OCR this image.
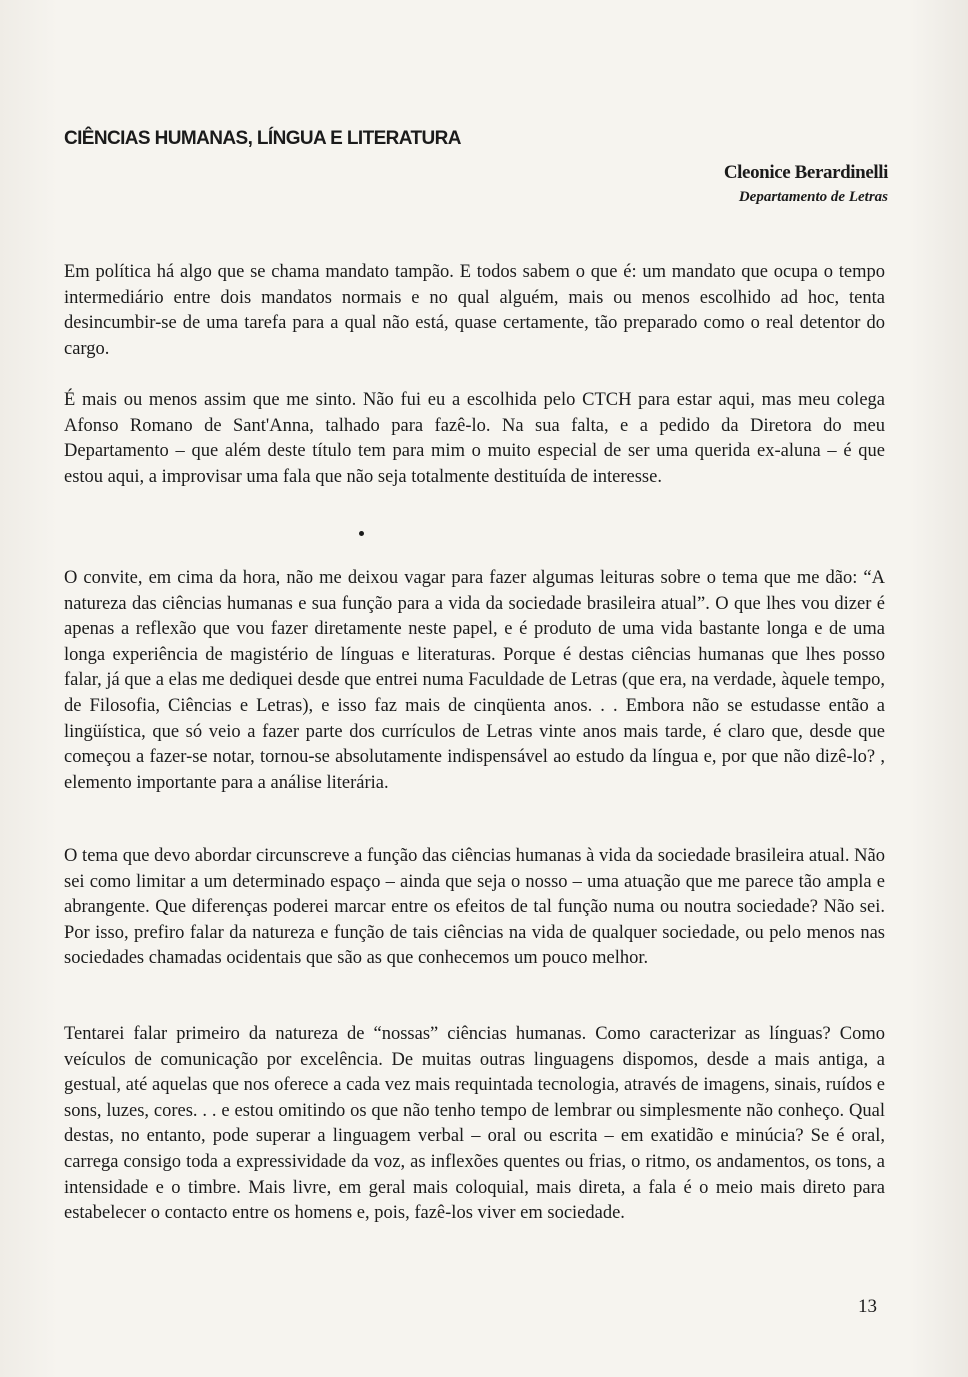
CIÊNCIAS HUMANAS, LÍNGUA E LITERATURA
Cleonice Berardinelli
Departamento de Letras

Em política há algo que se chama mandato tampão. E todos sabem o que é: um mandato que ocupa o tempo intermediário entre dois mandatos normais e no qual alguém, mais ou menos escolhido ad hoc, tenta desincumbir-se de uma tarefa para a qual não está, quase certamente, tão preparado como o real detentor do cargo.

É mais ou menos assim que me sinto. Não fui eu a escolhida pelo CTCH para estar aqui, mas meu colega Afonso Romano de Sant'Anna, talhado para fazê-lo. Na sua falta, e a pedido da Diretora do meu Departamento – que além deste título tem para mim o muito especial de ser uma querida ex-aluna – é que estou aqui, a improvisar uma fala que não seja totalmente destituída de interesse.

O convite, em cima da hora, não me deixou vagar para fazer algumas leituras sobre o tema que me dão: “A natureza das ciências humanas e sua função para a vida da sociedade brasileira atual”. O que lhes vou dizer é apenas a reflexão que vou fazer diretamente neste papel, e é produto de uma vida bastante longa e de uma longa experiência de magistério de línguas e literaturas. Porque é destas ciências humanas que lhes posso falar, já que a elas me dediquei desde que entrei numa Faculdade de Letras (que era, na verdade, àquele tempo, de Filosofia, Ciências e Letras), e isso faz mais de cinqüenta anos. . . Embora não se estudasse então a lingüística, que só veio a fazer parte dos currículos de Letras vinte anos mais tarde, é claro que, desde que começou a fazer-se notar, tornou-se absolutamente indispensável ao estudo da língua e, por que não dizê-lo? , elemento importante para a análise literária.

O tema que devo abordar circunscreve a função das ciências humanas à vida da sociedade brasileira atual. Não sei como limitar a um determinado espaço – ainda que seja o nosso – uma atuação que me parece tão ampla e abrangente. Que diferenças poderei marcar entre os efeitos de tal função numa ou noutra sociedade? Não sei. Por isso, prefiro falar da natureza e função de tais ciências na vida de qualquer sociedade, ou pelo menos nas sociedades chamadas ocidentais que são as que conhecemos um pouco melhor.

Tentarei falar primeiro da natureza de “nossas” ciências humanas. Como caracterizar as línguas? Como veículos de comunicação por excelência. De muitas outras linguagens dispomos, desde a mais antiga, a gestual, até aquelas que nos oferece a cada vez mais requintada tecnologia, através de imagens, sinais, ruídos e sons, luzes, cores. . . e estou omitindo os que não tenho tempo de lembrar ou simplesmente não conheço. Qual destas, no entanto, pode superar a linguagem verbal – oral ou escrita – em exatidão e minúcia? Se é oral, carrega consigo toda a expressividade da voz, as inflexões quentes ou frias, o ritmo, os andamentos, os tons, a intensidade e o timbre. Mais livre, em geral mais coloquial, mais direta, a fala é o meio mais direto para estabelecer o contacto entre os homens e, pois, fazê-los viver em sociedade.

13
